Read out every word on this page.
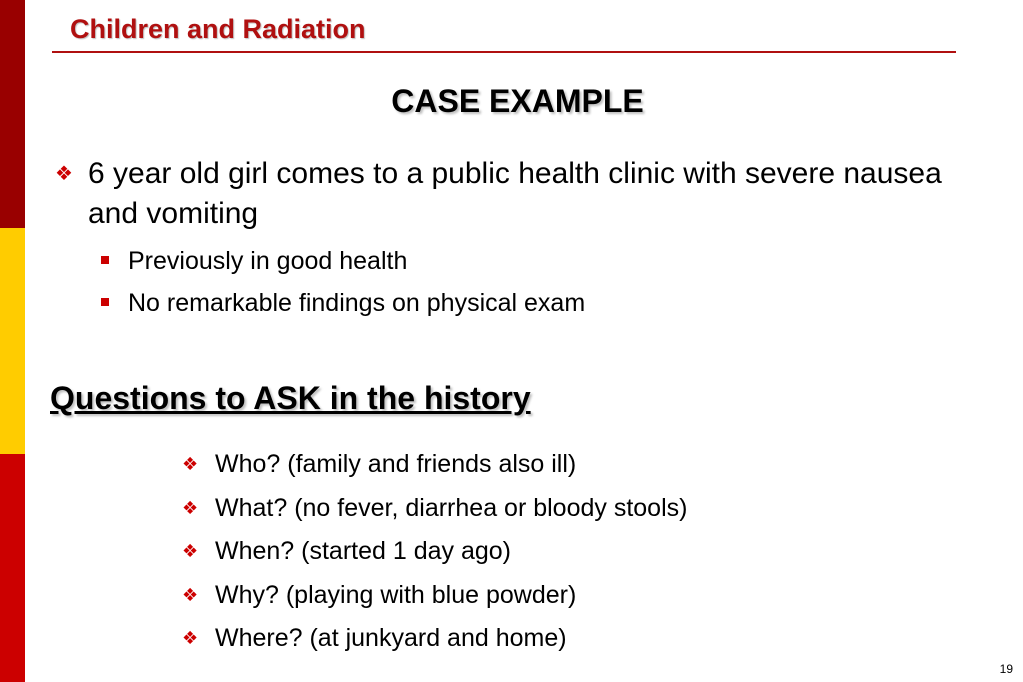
Children and Radiation
CASE EXAMPLE
❖ 6 year old girl comes to a public health clinic with severe nausea and vomiting
Previously in good health
No remarkable findings on physical exam
Questions to ASK in the history
❖ Who? (family and friends also ill)
❖ What? (no fever, diarrhea or bloody stools)
❖ When? (started 1 day ago)
❖ Why? (playing with blue powder)
❖ Where? (at junkyard and home)
19
